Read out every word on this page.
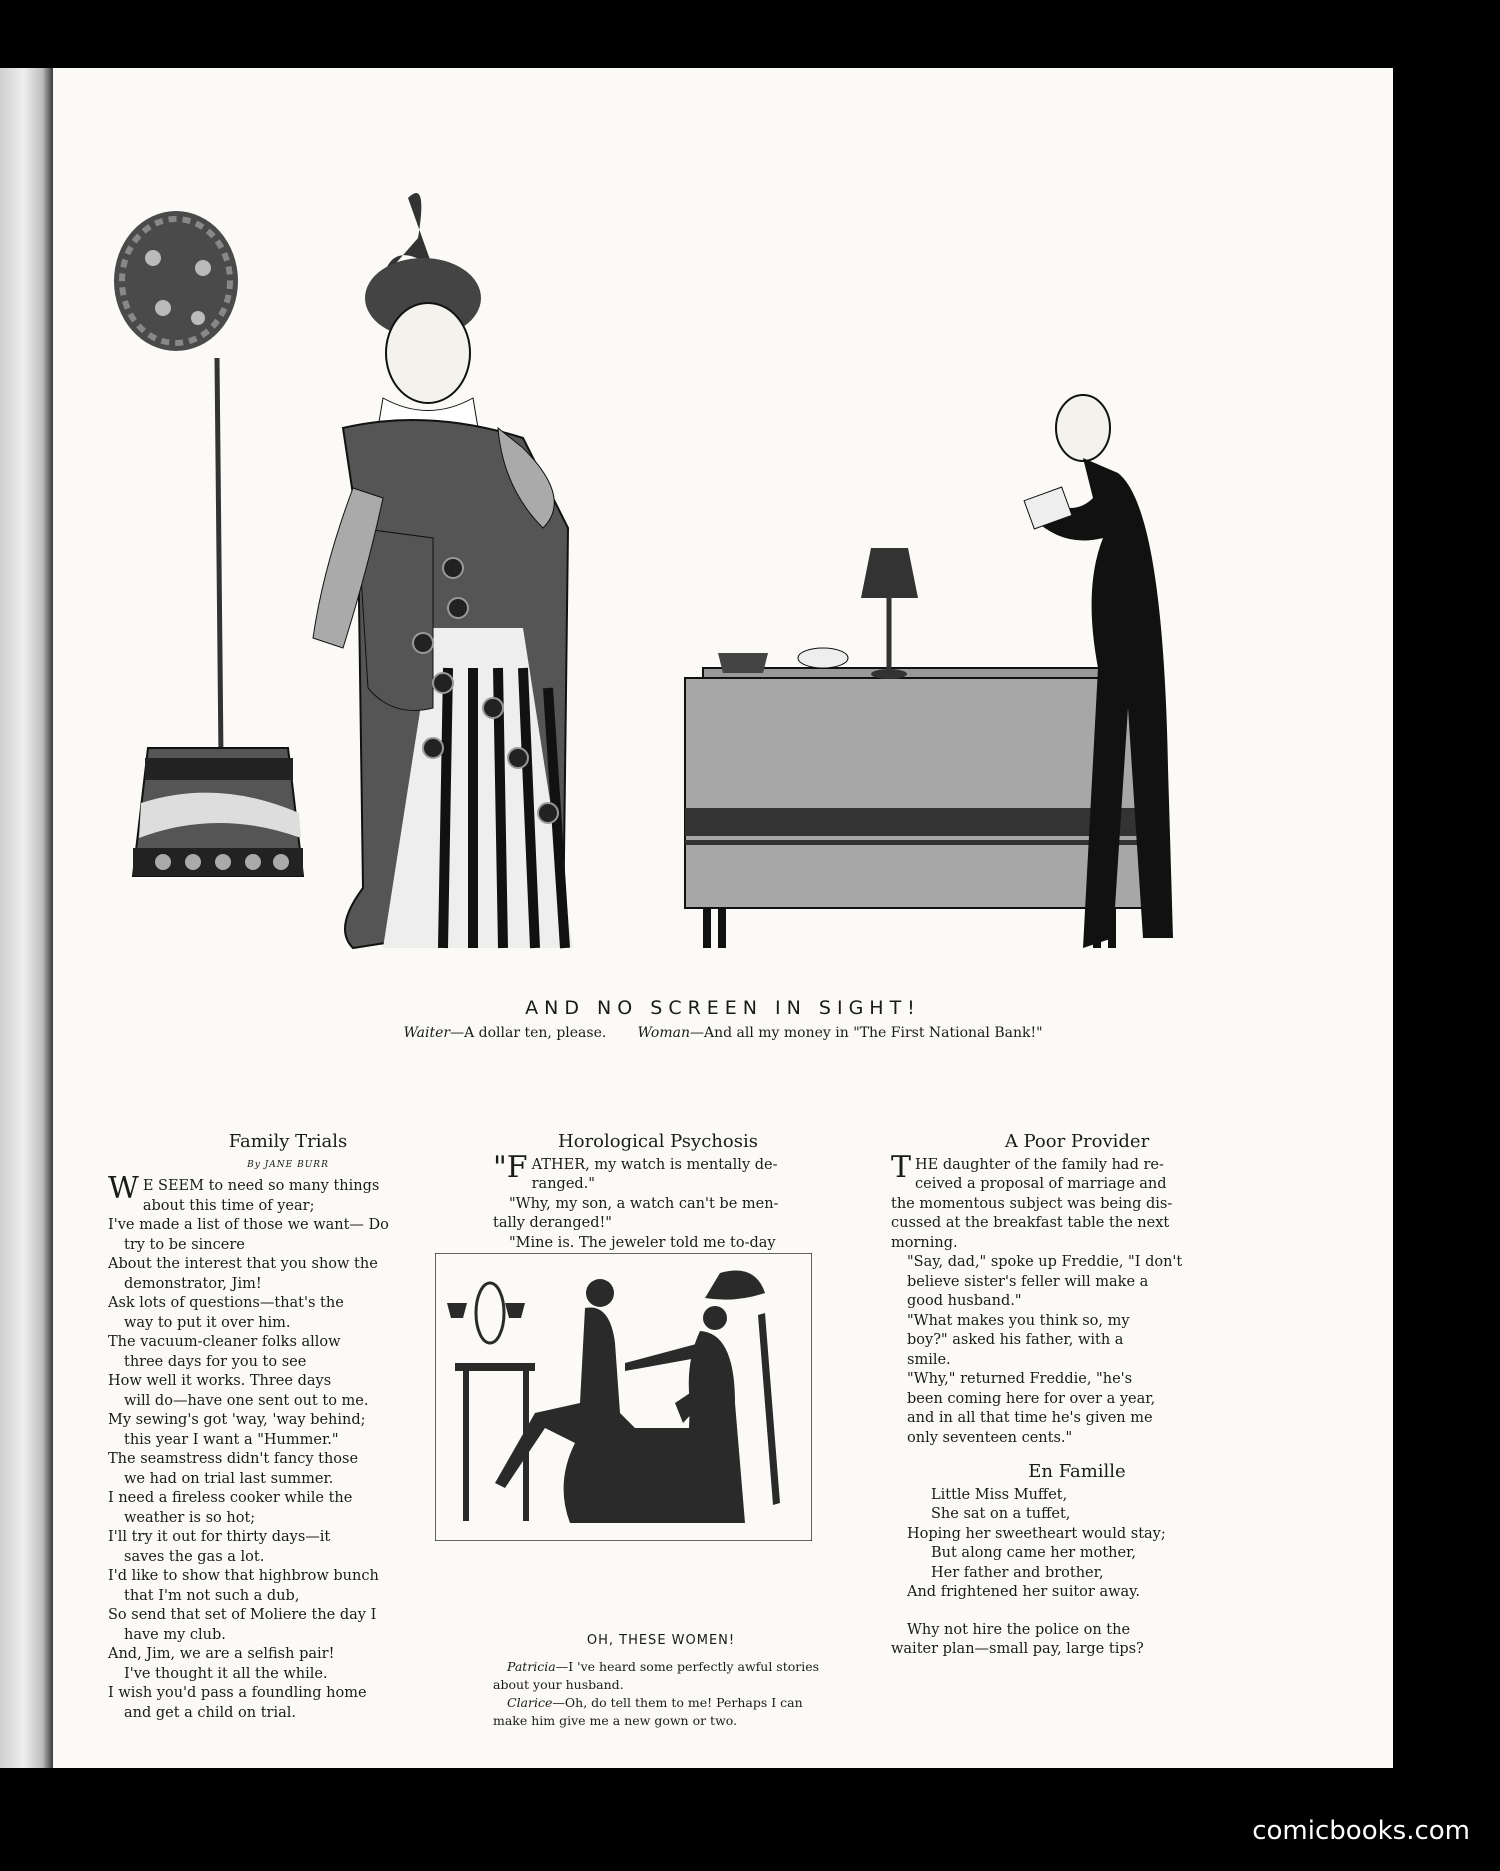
AND NO SCREEN IN SIGHT!
Waiter—A dollar ten, please. Woman—And all my money in "The First National Bank!"
Family Trials
By JANE BURR
W E SEEM to need so many things
about this time of year;
I've made a list of those we want— Do
try to be sincere
About the interest that you show the
demonstrator, Jim!
Ask lots of questions—that's the
way to put it over him.
The vacuum-cleaner folks allow
three days for you to see
How well it works. Three days
will do—have one sent out to me.
My sewing's got 'way, 'way behind;
this year I want a "Hummer."
The seamstress didn't fancy those
we had on trial last summer.
I need a fireless cooker while the
weather is so hot;
I'll try it out for thirty days—it
saves the gas a lot.
I'd like to show that highbrow bunch
that I'm not such a dub,
So send that set of Moliere the day I
have my club.
And, Jim, we are a selfish pair!
I've thought it all the while.
I wish you'd pass a foundling home
and get a child on trial.
Horological Psychosis
"F ATHER, my watch is mentally de-
ranged."
"Why, my son, a watch can't be men-
tally deranged!"
"Mine is. The jeweler told me to-day
OH, THESE WOMEN!
Patricia—I 've heard some perfectly awful stories about your husband.
Clarice—Oh, do tell them to me! Perhaps I can make him give me a new gown or two.
A Poor Provider
T HE daughter of the family had re-
ceived a proposal of marriage and
the momentous subject was being dis-
cussed at the breakfast table the next
morning.
"Say, dad," spoke up Freddie, "I don't
believe sister's feller will make a
good husband."
"What makes you think so, my
boy?" asked his father, with a
smile.
"Why," returned Freddie, "he's
been coming here for over a year,
and in all that time he's given me
only seventeen cents."
En Famille
Little Miss Muffet,
She sat on a tuffet,
Hoping her sweetheart would stay;
But along came her mother,
Her father and brother,
And frightened her suitor away.
Why not hire the police on the
waiter plan—small pay, large tips?
comicbooks.com
